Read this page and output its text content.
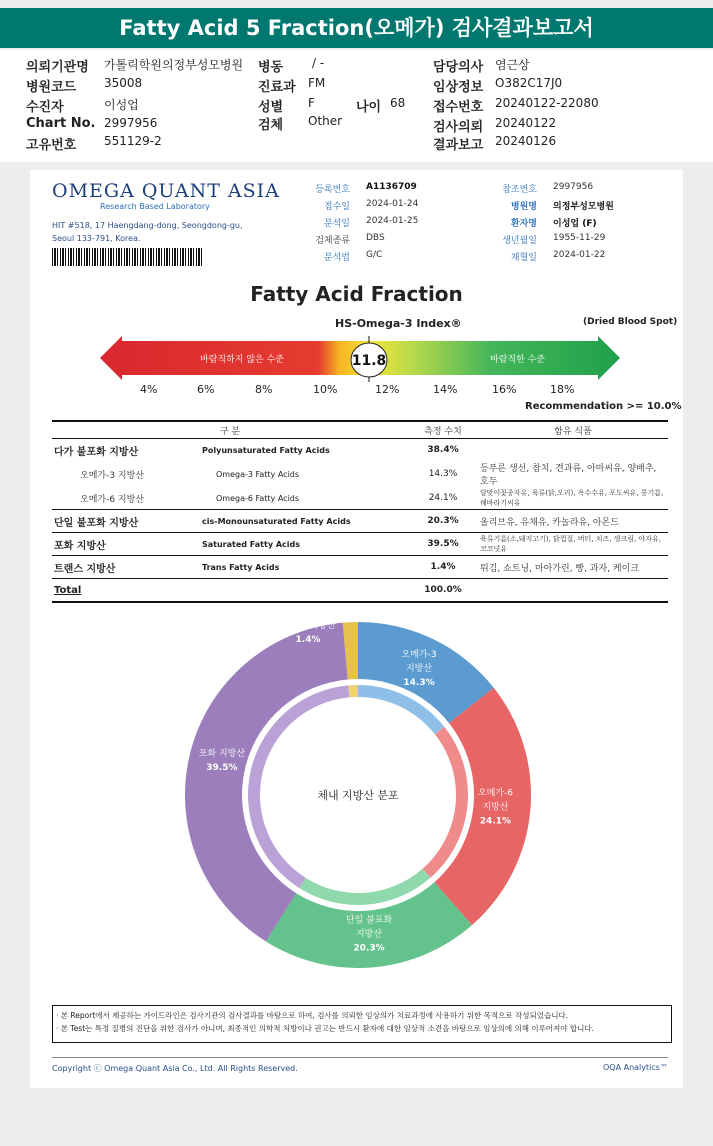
Fatty Acid 5 Fraction(오메가) 검사결과보고서
의뢰기관명 가톨릭학원의정부성모병원
병원코드 35008
수진자	이성업
Chart No. 2997956
고유번호 551129-2
병동 / -
진료과 FM
성별 F	나이 68
검체 Other
담당의사 염근상
임상정보 O382C17J0
접수번호 20240122-22080
검사의뢰 20240122
결과보고 20240126
OMEGA QUANT ASIA
Research Based Laboratory
HIT #518, 17 Haengdang-dong, Seongdong-gu, Seoul 133-791, Korea.
등록번호 A1136709
접수일 2024-01-24
분석일 2024-01-25
검체종류 DBS
분석법 G/C
참조번호 2997956
병원명 의정부성모병원
환자명 이성업 (F)
생년월일 1955-11-29
채혈일 2024-01-22
Fatty Acid Fraction
HS-Omega-3 Index®	(Dried Blood Spot)
바람직하지 않은 수준	바람직한 수준
11.8
4%	6%	8%	10%	12%	14%	16%	18%
Recommendation >= 10.0%
구 분		측정 수치	함유 식품
다가 불포화 지방산	Polyunsaturated Fatty Acids	38.4%	
오메가-3 지방산	Omega-3 Fatty Acids	14.3%	등푸른 생선, 참치, 견과류, 아마씨유, 양배추, 호두
오메가-6 지방산	Omega-6 Fatty Acids	24.1%	달맞이꽃종자유, 육류(닭,오리), 옥수수유, 포도씨유, 콩기름, 해바라기씨유
단일 불포화 지방산	cis-Monounsaturated Fatty Acids	20.3%	올리브유, 유채유, 카놀라유, 아몬드
포화 지방산	Saturated Fatty Acids	39.5%	육류기름(소,돼지고기), 닭껍질, 버터, 치즈, 생크림, 야자유, 코코넛유
트랜스 지방산	Trans Fatty Acids	1.4%	튀김, 쇼트닝, 마아가린, 빵, 과자, 케이크
Total		100.0%	
오메가-3 지방산
14.3%
오메가-6 지방산
24.1%
단일 불포화 지방산
20.3%
포화 지방산
39.5%
트랜스 지방산
1.4%
체내 지방산 분포
· 본 Report에서 제공하는 가이드라인은 검사기관의 검사결과를 바탕으로 하여, 검사를 의뢰한 임상의가 치료과정에 사용하기 위한 목적으로 작성되었습니다.
· 본 Test는 특정 질병의 진단을 위한 검사가 아니며, 최종적인 의학적 처방이나 권고는 반드시 환자에 대한 임상적 소견을 바탕으로 임상의에 의해 이루어져야 합니다.
Copyright ⓒ Omega Quant Asia Co., Ltd. All Rights Reserved.	OQA Analytics™
